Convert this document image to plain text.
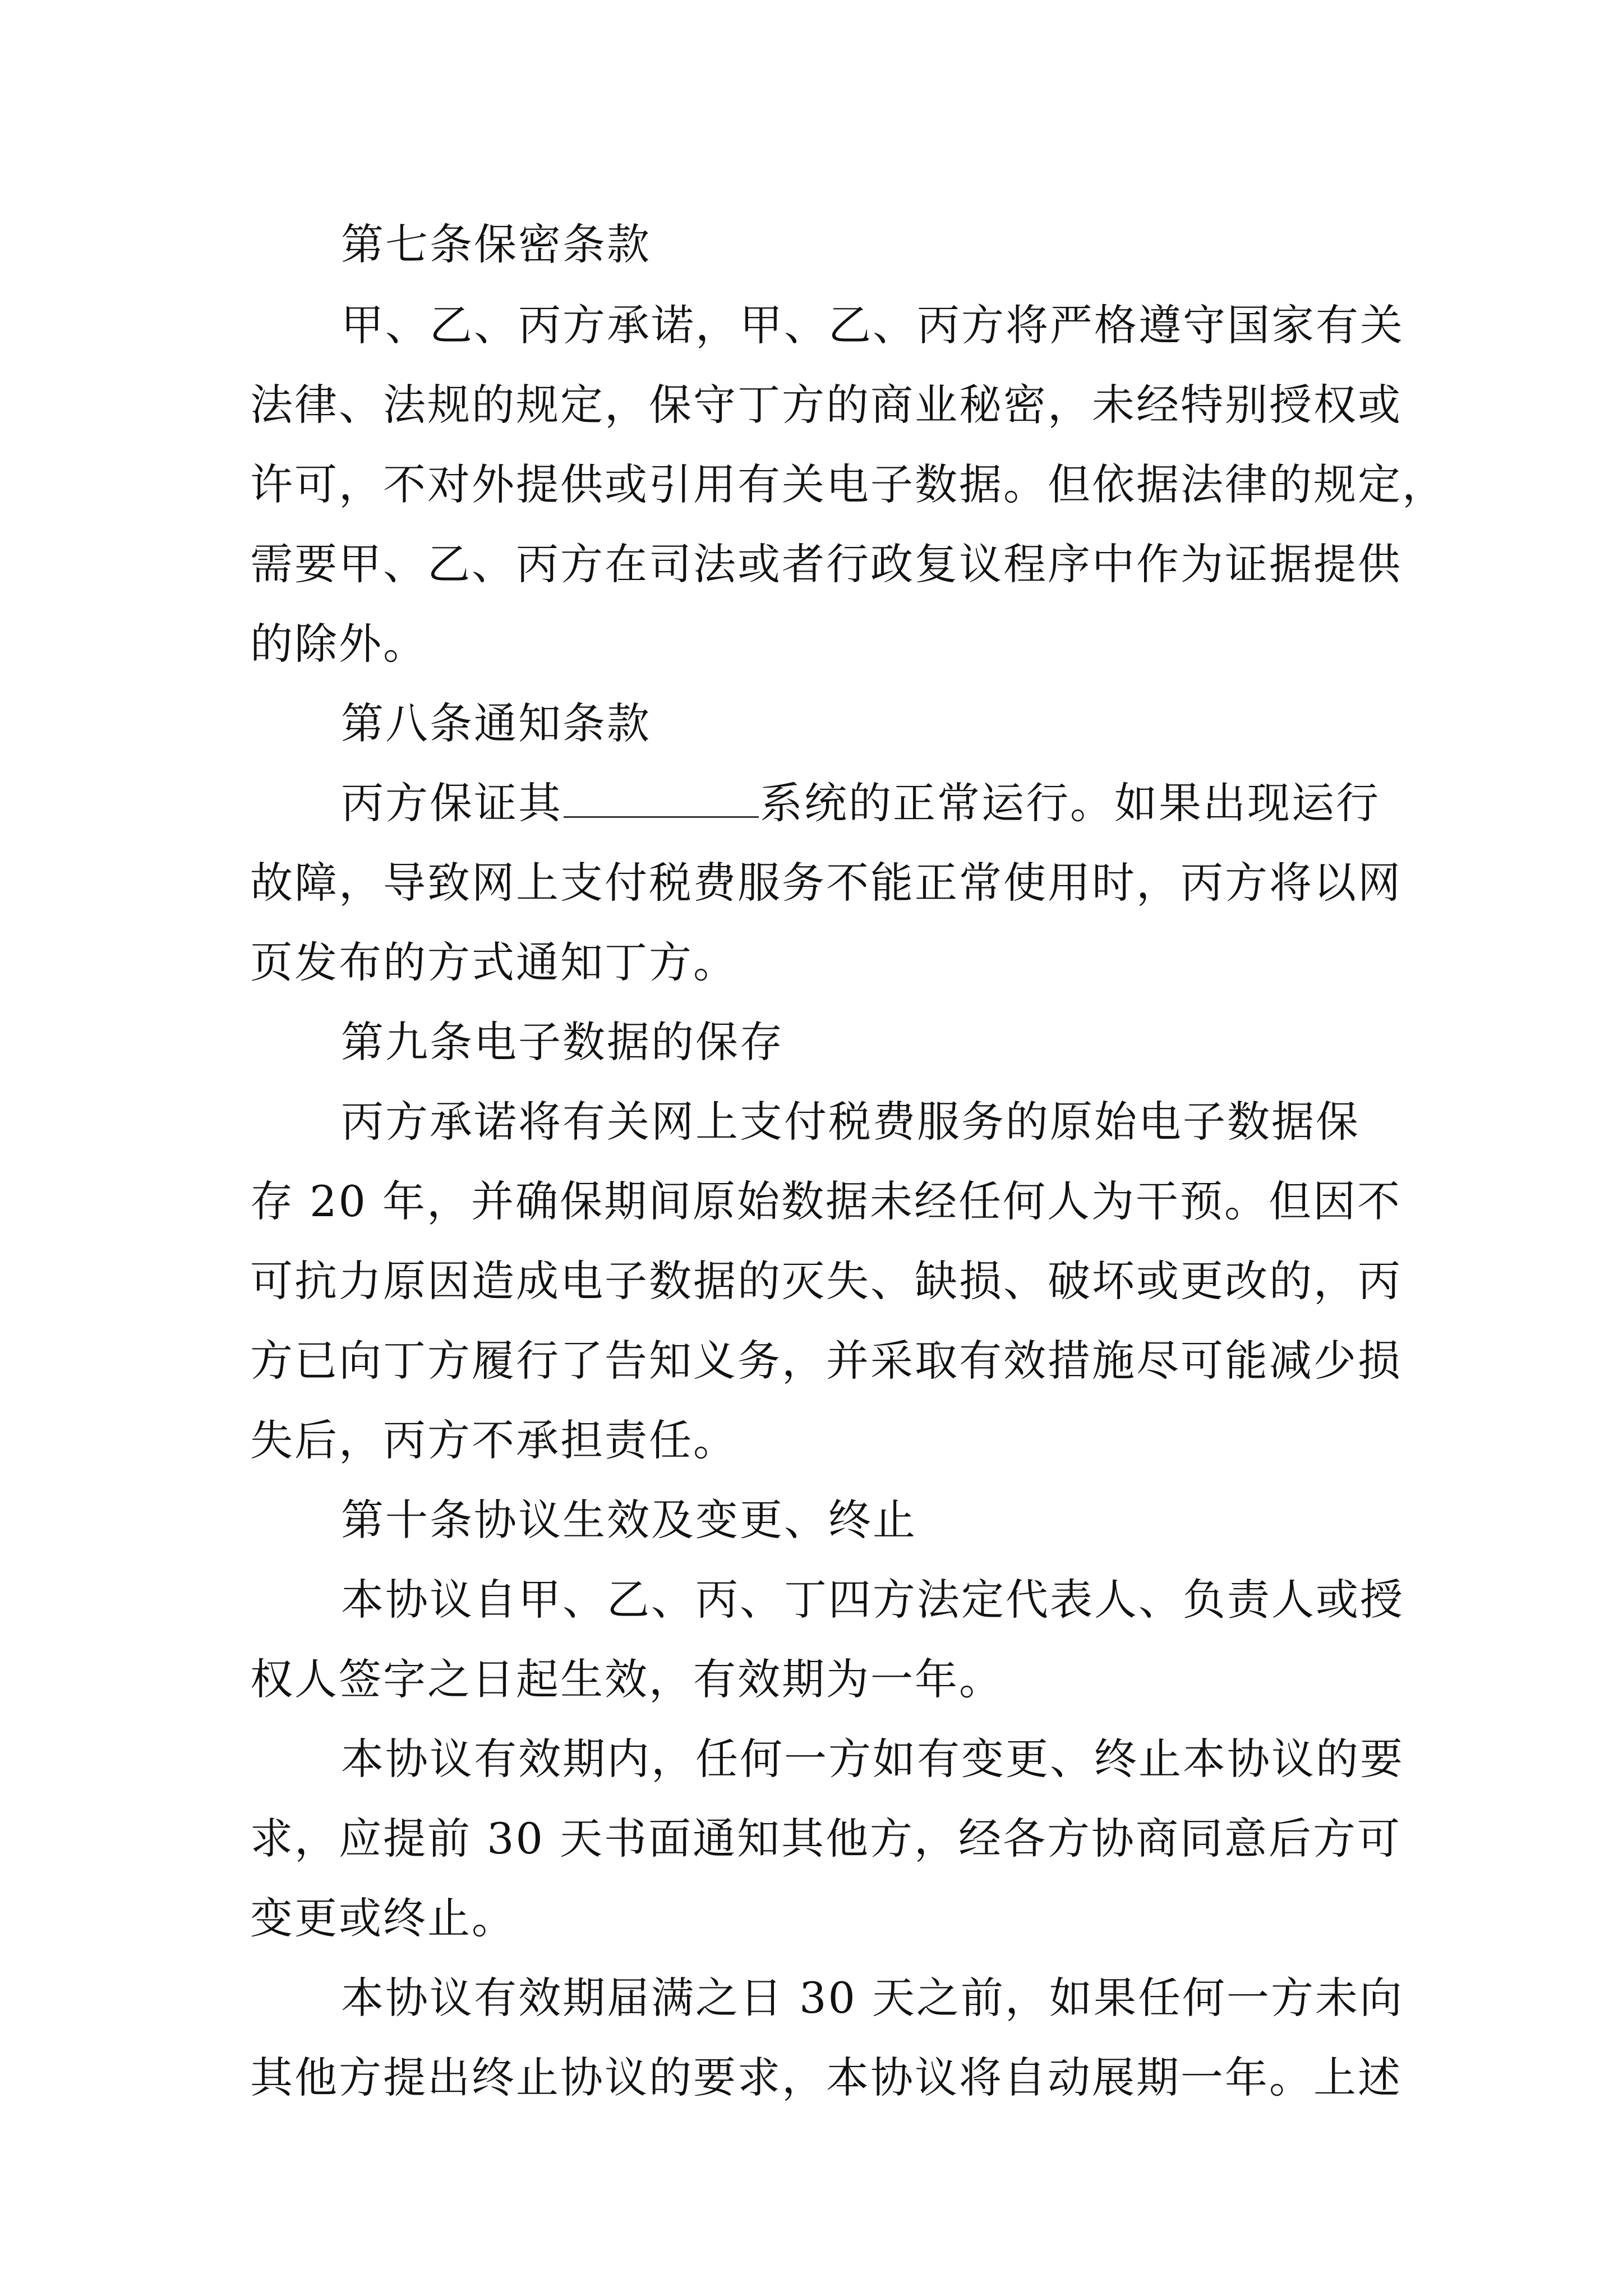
第七条保密条款
甲、乙、丙方承诺，甲、乙、丙方将严格遵守国家有关
法律、法规的规定，保守丁方的商业秘密，未经特别授权或
许可，不对外提供或引用有关电子数据。但依据法律的规定，
需要甲、乙、丙方在司法或者行政复议程序中作为证据提供
的除外。
第八条通知条款
丙方保证其	系统的正常运行。如果出现运行
故障，导致网上支付税费服务不能正常使用时，丙方将以网
页发布的方式通知丁方。
第九条电子数据的保存
丙方承诺将有关网上支付税费服务的原始电子数据保
存 20 年，并确保期间原始数据未经任何人为干预。但因不
可抗力原因造成电子数据的灭失、缺损、破坏或更改的，丙
方已向丁方履行了告知义务，并采取有效措施尽可能减少损
失后，丙方不承担责任。
第十条协议生效及变更、终止
本协议自甲、乙、丙、丁四方法定代表人、负责人或授
权人签字之日起生效，有效期为一年。
本协议有效期内，任何一方如有变更、终止本协议的要
求，应提前 30 天书面通知其他方，经各方协商同意后方可
变更或终止。
本协议有效期届满之日 30 天之前，如果任何一方未向
其他方提出终止协议的要求，本协议将自动展期一年。上述
